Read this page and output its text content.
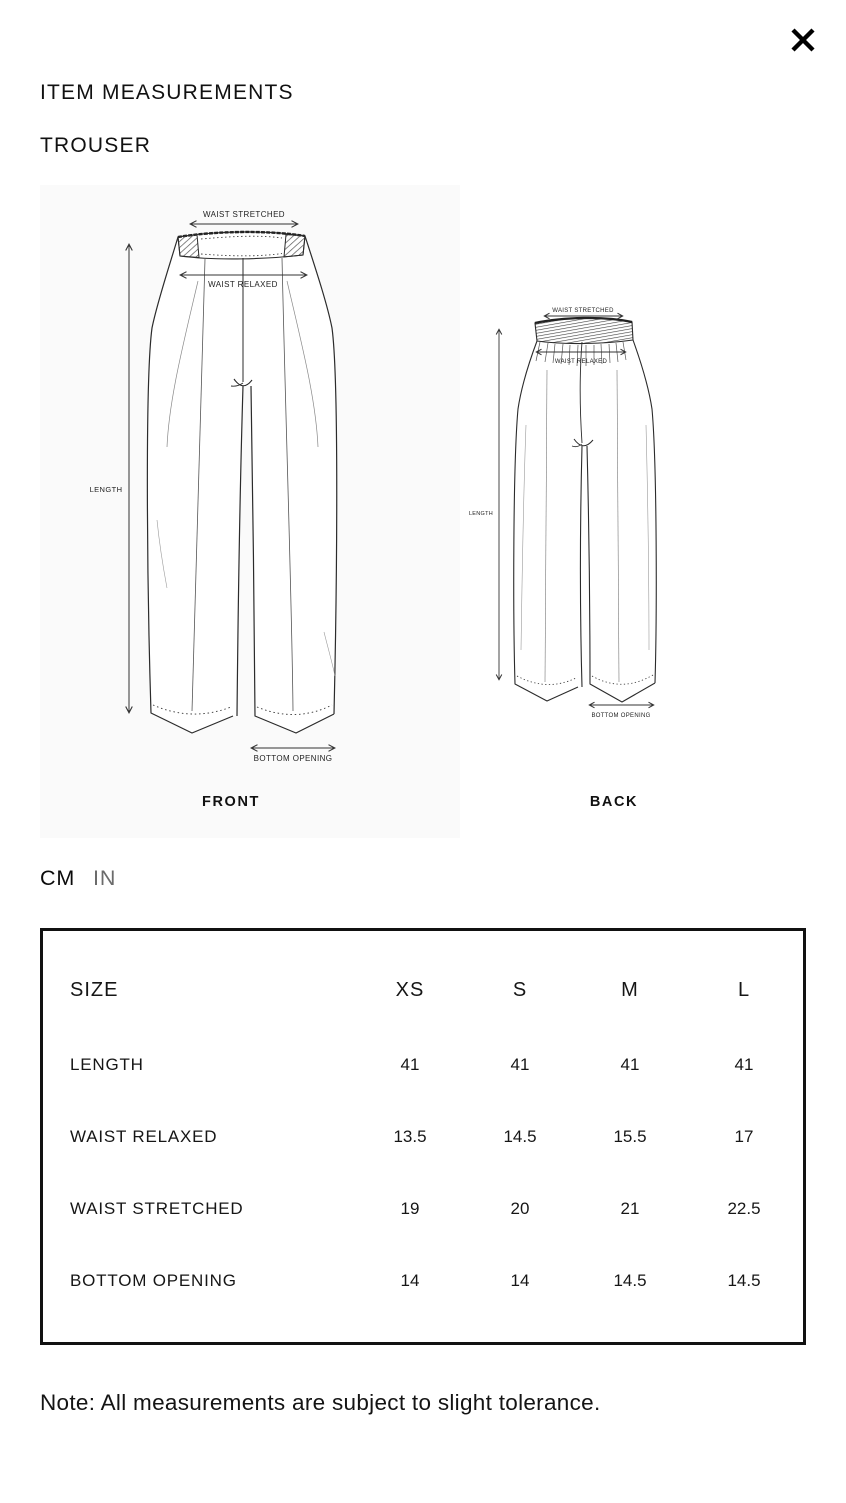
ITEM MEASUREMENTS
TROUSER
WAIST STRETCHED
WAIST RELAXED
LENGTH
BOTTOM OPENING
FRONT
WAIST STRETCHED
WAIST RELAXED
LENGTH
BOTTOM OPENING
BACK
CM IN
SIZE	XS	S	M	L
LENGTH	41	41	41	41
WAIST RELAXED	13.5	14.5	15.5	17
WAIST STRETCHED	19	20	21	22.5
BOTTOM OPENING	14	14	14.5	14.5

Note: All measurements are subject to slight tolerance.
